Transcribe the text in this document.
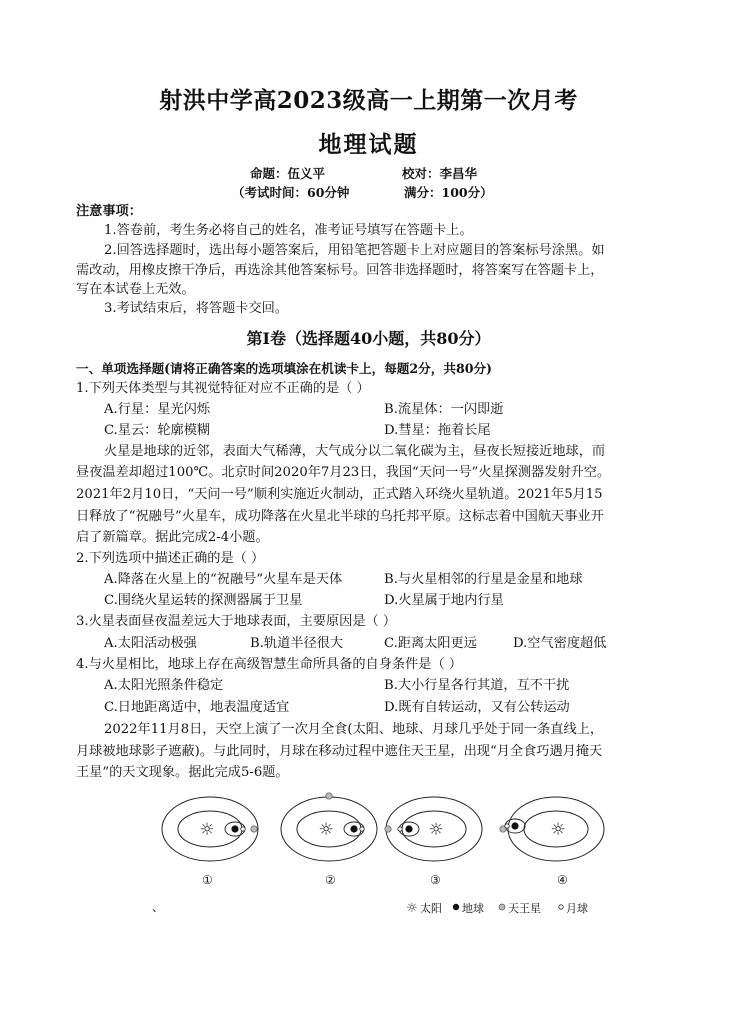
射洪中学高2023级高一上期第一次月考
地理试题
命题：伍义平	校对：李昌华
（考试时间：60分钟	满分：100分）
注意事项：
1.答卷前，考生务必将自己的姓名，准考证号填写在答题卡上。
2.回答选择题时，选出每小题答案后，用铅笔把答题卡上对应题目的答案标号涂黑。如
需改动，用橡皮擦干净后，再选涂其他答案标号。回答非选择题时，将答案写在答题卡上，
写在本试卷上无效。
3.考试结束后，将答题卡交回。
第Ⅰ卷（选择题40小题，共80分）
一、单项选择题(请将正确答案的选项填涂在机读卡上，每题2分，共80分)
1.下列天体类型与其视觉特征对应不正确的是（ ）
A.行星：星光闪烁	B.流星体：一闪即逝
C.星云：轮廓模糊	D.彗星：拖着长尾
火星是地球的近邻，表面大气稀薄，大气成分以二氧化碳为主，昼夜长短接近地球，而
昼夜温差却超过100℃。北京时间2020年7月23日，我国“天问一号”火星探测器发射升空。
2021年2月10日，“天问一号”顺利实施近火制动，正式踏入环绕火星轨道。2021年5月15
日释放了“祝融号”火星车，成功降落在火星北半球的乌托邦平原。这标志着中国航天事业开
启了新篇章。据此完成2-4小题。
2.下列选项中描述正确的是（ ）
A.降落在火星上的“祝融号”火星车是天体	B.与火星相邻的行星是金星和地球
C.围绕火星运转的探测器属于卫星	D.火星属于地内行星
3.火星表面昼夜温差远大于地球表面，主要原因是（ ）
A.太阳活动极强	B.轨道半径很大	C.距离太阳更远	D.空气密度超低
4.与火星相比，地球上存在高级智慧生命所具备的自身条件是（ ）
A.太阳光照条件稳定	B.大小行星各行其道，互不干扰
C.日地距离适中，地表温度适宜	D.既有自转运动，又有公转运动
2022年11月8日，天空上演了一次月全食(太阳、地球、月球几乎处于同一条直线上，
月球被地球影子遮蔽)。与此同时，月球在移动过程中遮住天王星，出现“月全食巧遇月掩天
王星”的天文现象。据此完成5-6题。
☼	☼	☼	☼
☼
①	②	③	④
、	太阳 地球 天王星 月球
